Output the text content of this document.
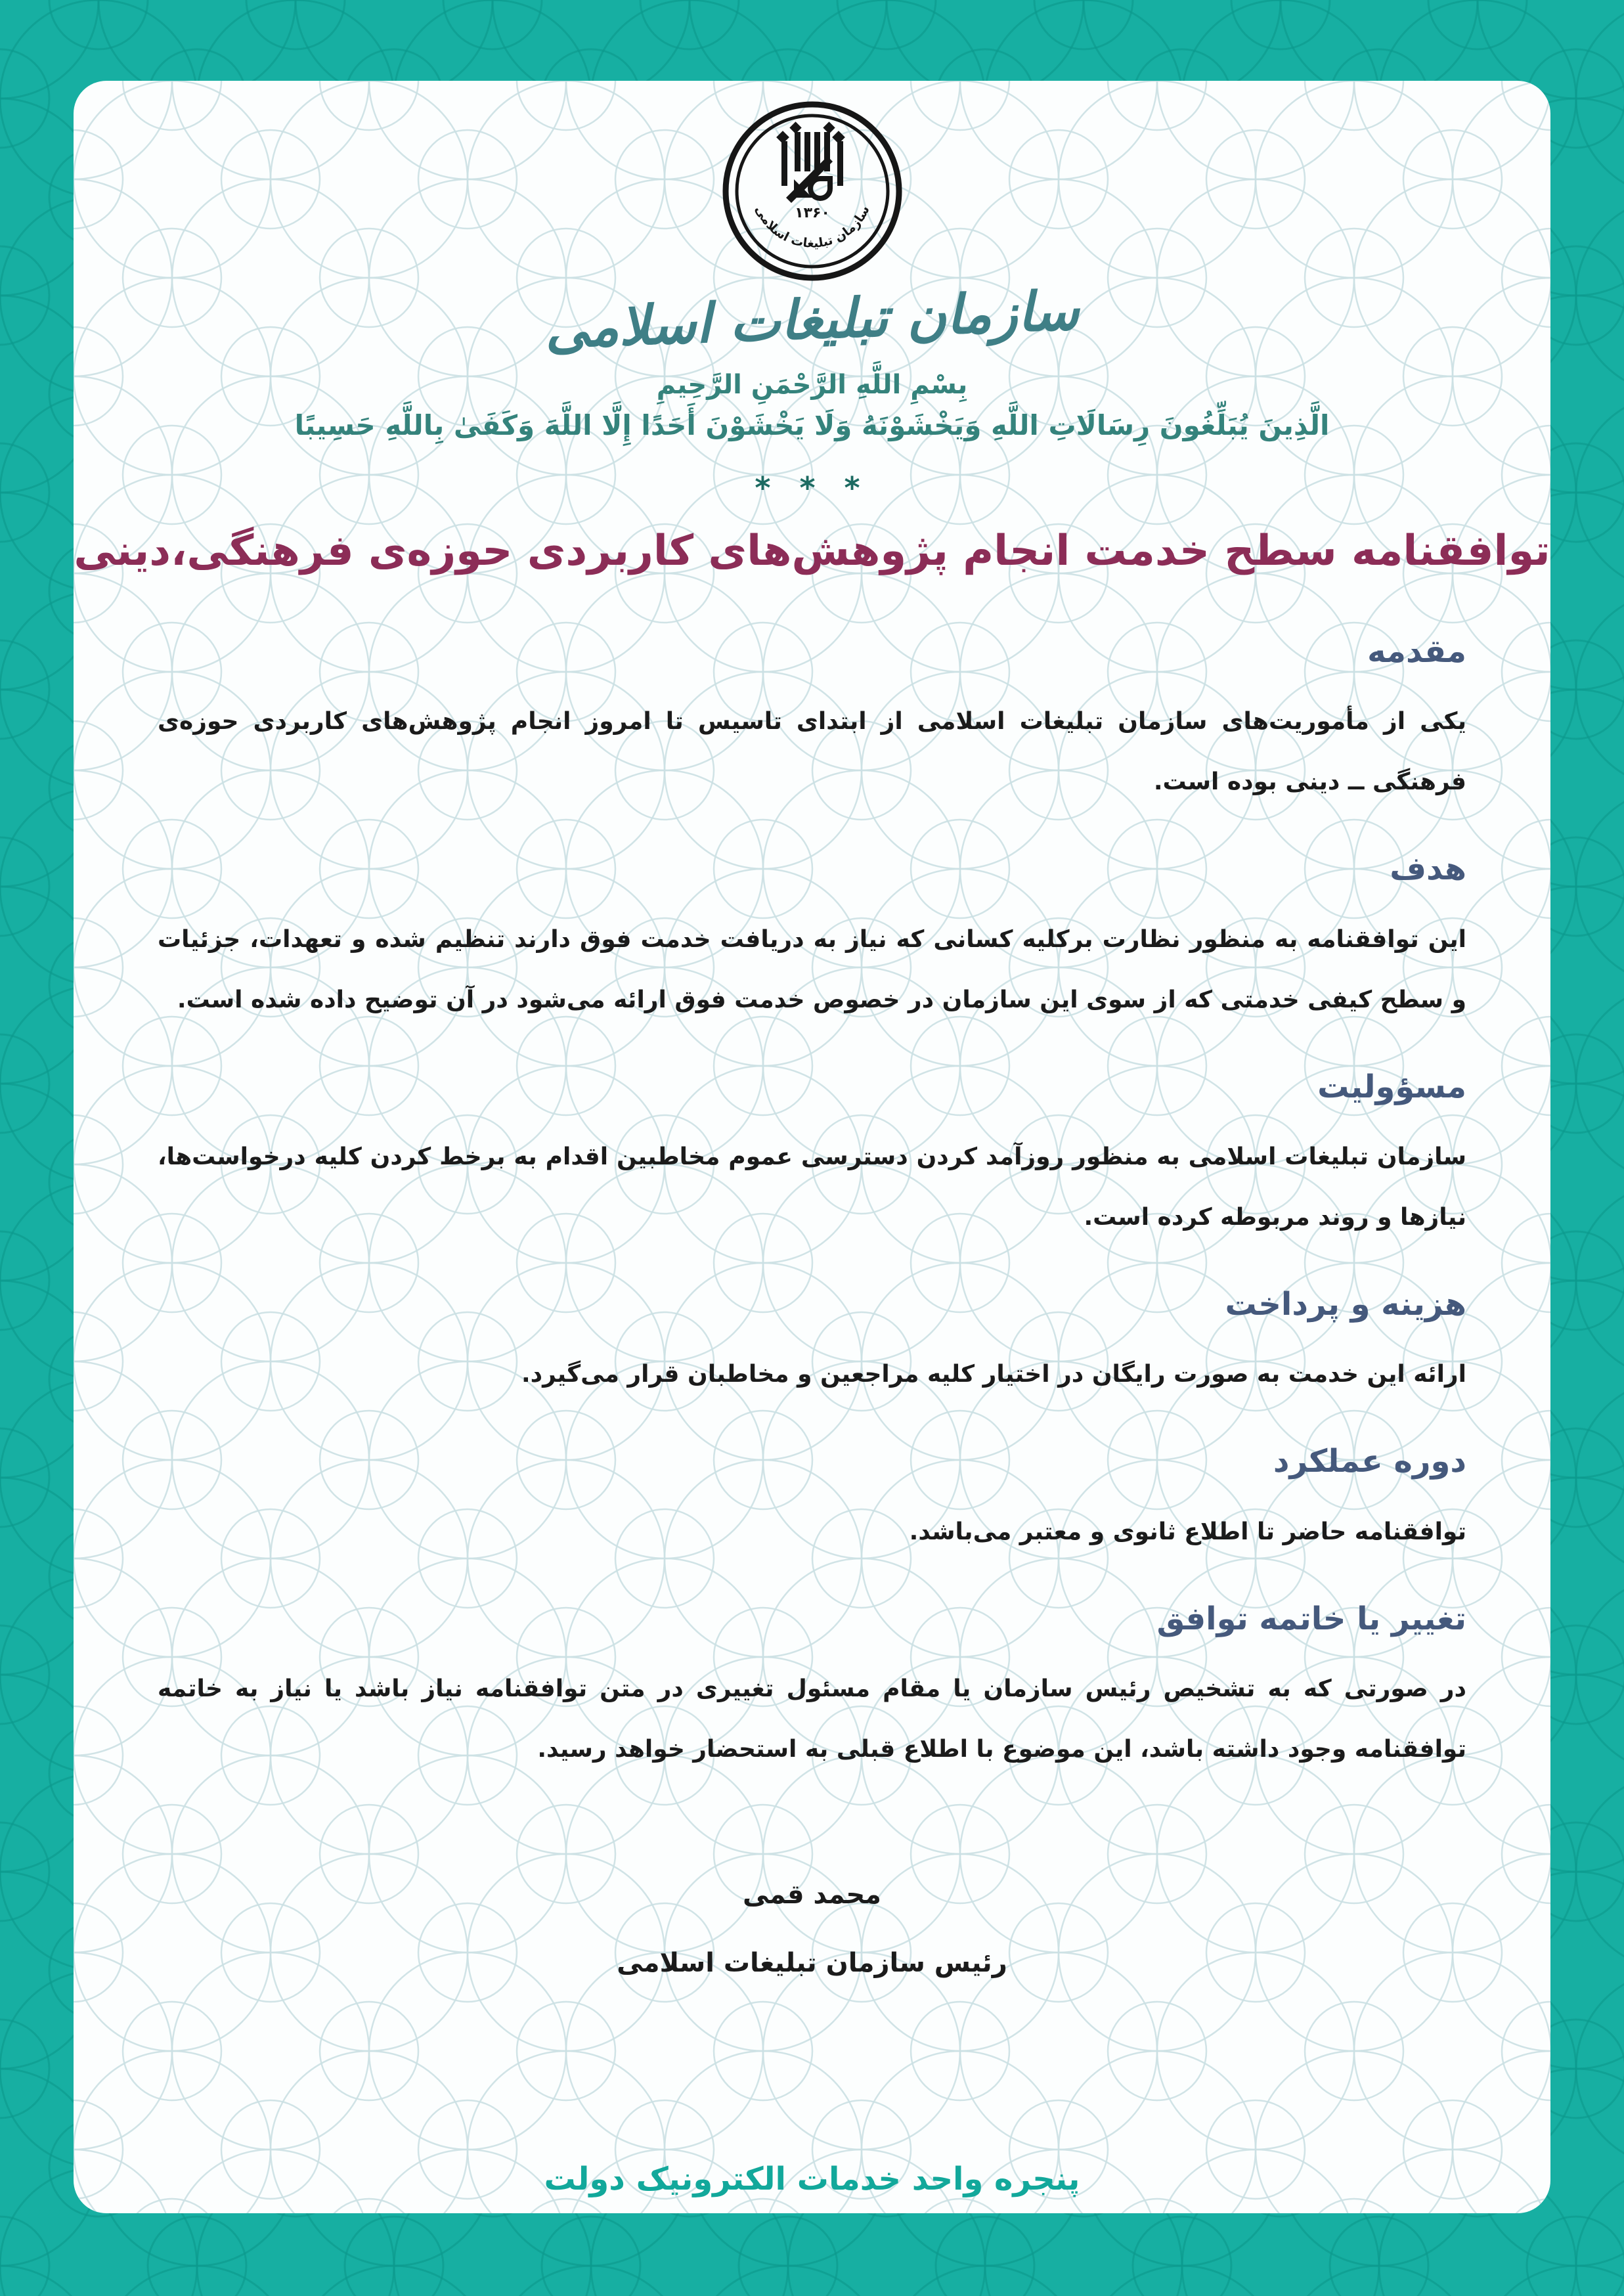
۱۳۶۰
سازمان تبلیغات اسلامی
سازمان تبلیغات اسلامی
بِسْمِ اللَّهِ الرَّحْمَنِ الرَّحِيمِ
الَّذِينَ يُبَلِّغُونَ رِسَالَاتِ اللَّهِ وَيَخْشَوْنَهُ وَلَا يَخْشَوْنَ أَحَدًا إِلَّا اللَّهَ وَكَفَىٰ بِاللَّهِ حَسِيبًا
* * *
توافقنامه سطح خدمت انجام پژوهش‌های کاربردی حوزه‌ی فرهنگی،دینی
مقدمه

یکی از مأموریت‌های سازمان تبلیغات اسلامی از ابتدای تاسیس تا امروز انجام پژوهش‌های کاربردی حوزه‌ی فرهنگی ــ دینی بوده است.

هدف

این توافقنامه به منظور نظارت برکلیه کسانی که نیاز به دریافت خدمت فوق دارند تنظیم شده و تعهدات، جزئیات و سطح کیفی خدمتی که از سوی این سازمان در خصوص خدمت فوق ارائه می‌شود در آن توضیح داده شده است.

مسؤولیت

سازمان تبلیغات اسلامی به منظور روزآمد کردن دسترسی عموم مخاطبین اقدام به برخط کردن کلیه درخواست‌ها، نیازها و روند مربوطه کرده است.

هزینه و پرداخت

ارائه این خدمت به صورت رایگان در اختیار کلیه مراجعین و مخاطبان قرار می‌گیرد.

دوره عملکرد

توافقنامه حاضر تا اطلاع ثانوی و معتبر می‌باشد.

تغییر یا خاتمه توافق

در صورتی که به تشخیص رئیس سازمان یا مقام مسئول تغییری در متن توافقنامه نیاز باشد یا نیاز به خاتمه توافقنامه وجود داشته باشد، این موضوع با اطلاع قبلی به استحضار خواهد رسید.

محمد قمی
رئیس سازمان تبلیغات اسلامی
پنجره واحد خدمات الکترونیک دولت
